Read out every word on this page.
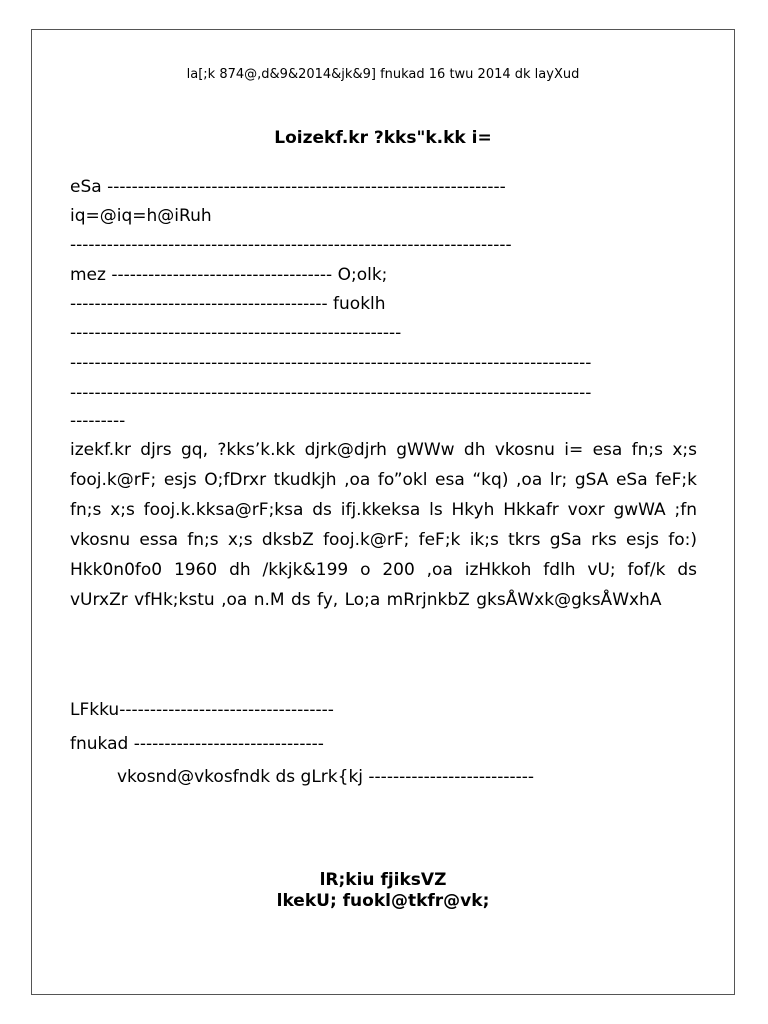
la[;k 874@,d&9&2014&jk&9] fnukad 16 twu 2014 dk layXud
Loizekf.kr ?kks"k.kk i=
eSa -----------------------------------------------------------------
iq=@iq=h@iRuh
------------------------------------------------------------------------
mez ------------------------------------ O;olk;
------------------------------------------ fuoklh
------------------------------------------------------
-------------------------------------------------------------------------------------
-------------------------------------------------------------------------------------
---------
izekf.kr djrs gq, ?kks’k.kk djrk@djrh gWWw dh vkosnu i= esa fn;s x;s fooj.k@rF; esjs O;fDrxr tkudkjh ,oa fo”okl esa “kq) ,oa lr; gSA eSa feF;k fn;s x;s fooj.k.kksa@rF;ksa ds ifj.kkeksa ls Hkyh Hkkafr voxr gwWA ;fn vkosnu essa fn;s x;s dksbZ fooj.k@rF; feF;k ik;s tkrs gSa rks esjs fo:) Hkk0n0fo0 1960 dh /kkjk&199 o 200 ,oa izHkkoh fdlh vU; fof/k ds vUrxZr vfHk;kstu ,oa n.M ds fy, Lo;a mRrjnkbZ gksÅWxk@gksÅWxhA
LFkku-----------------------------------
fnukad -------------------------------
vkosnd@vkosfndk ds gLrk{kj ---------------------------
lR;kiu fjiksVZ
lkekU; fuokl@tkfr@vk;
